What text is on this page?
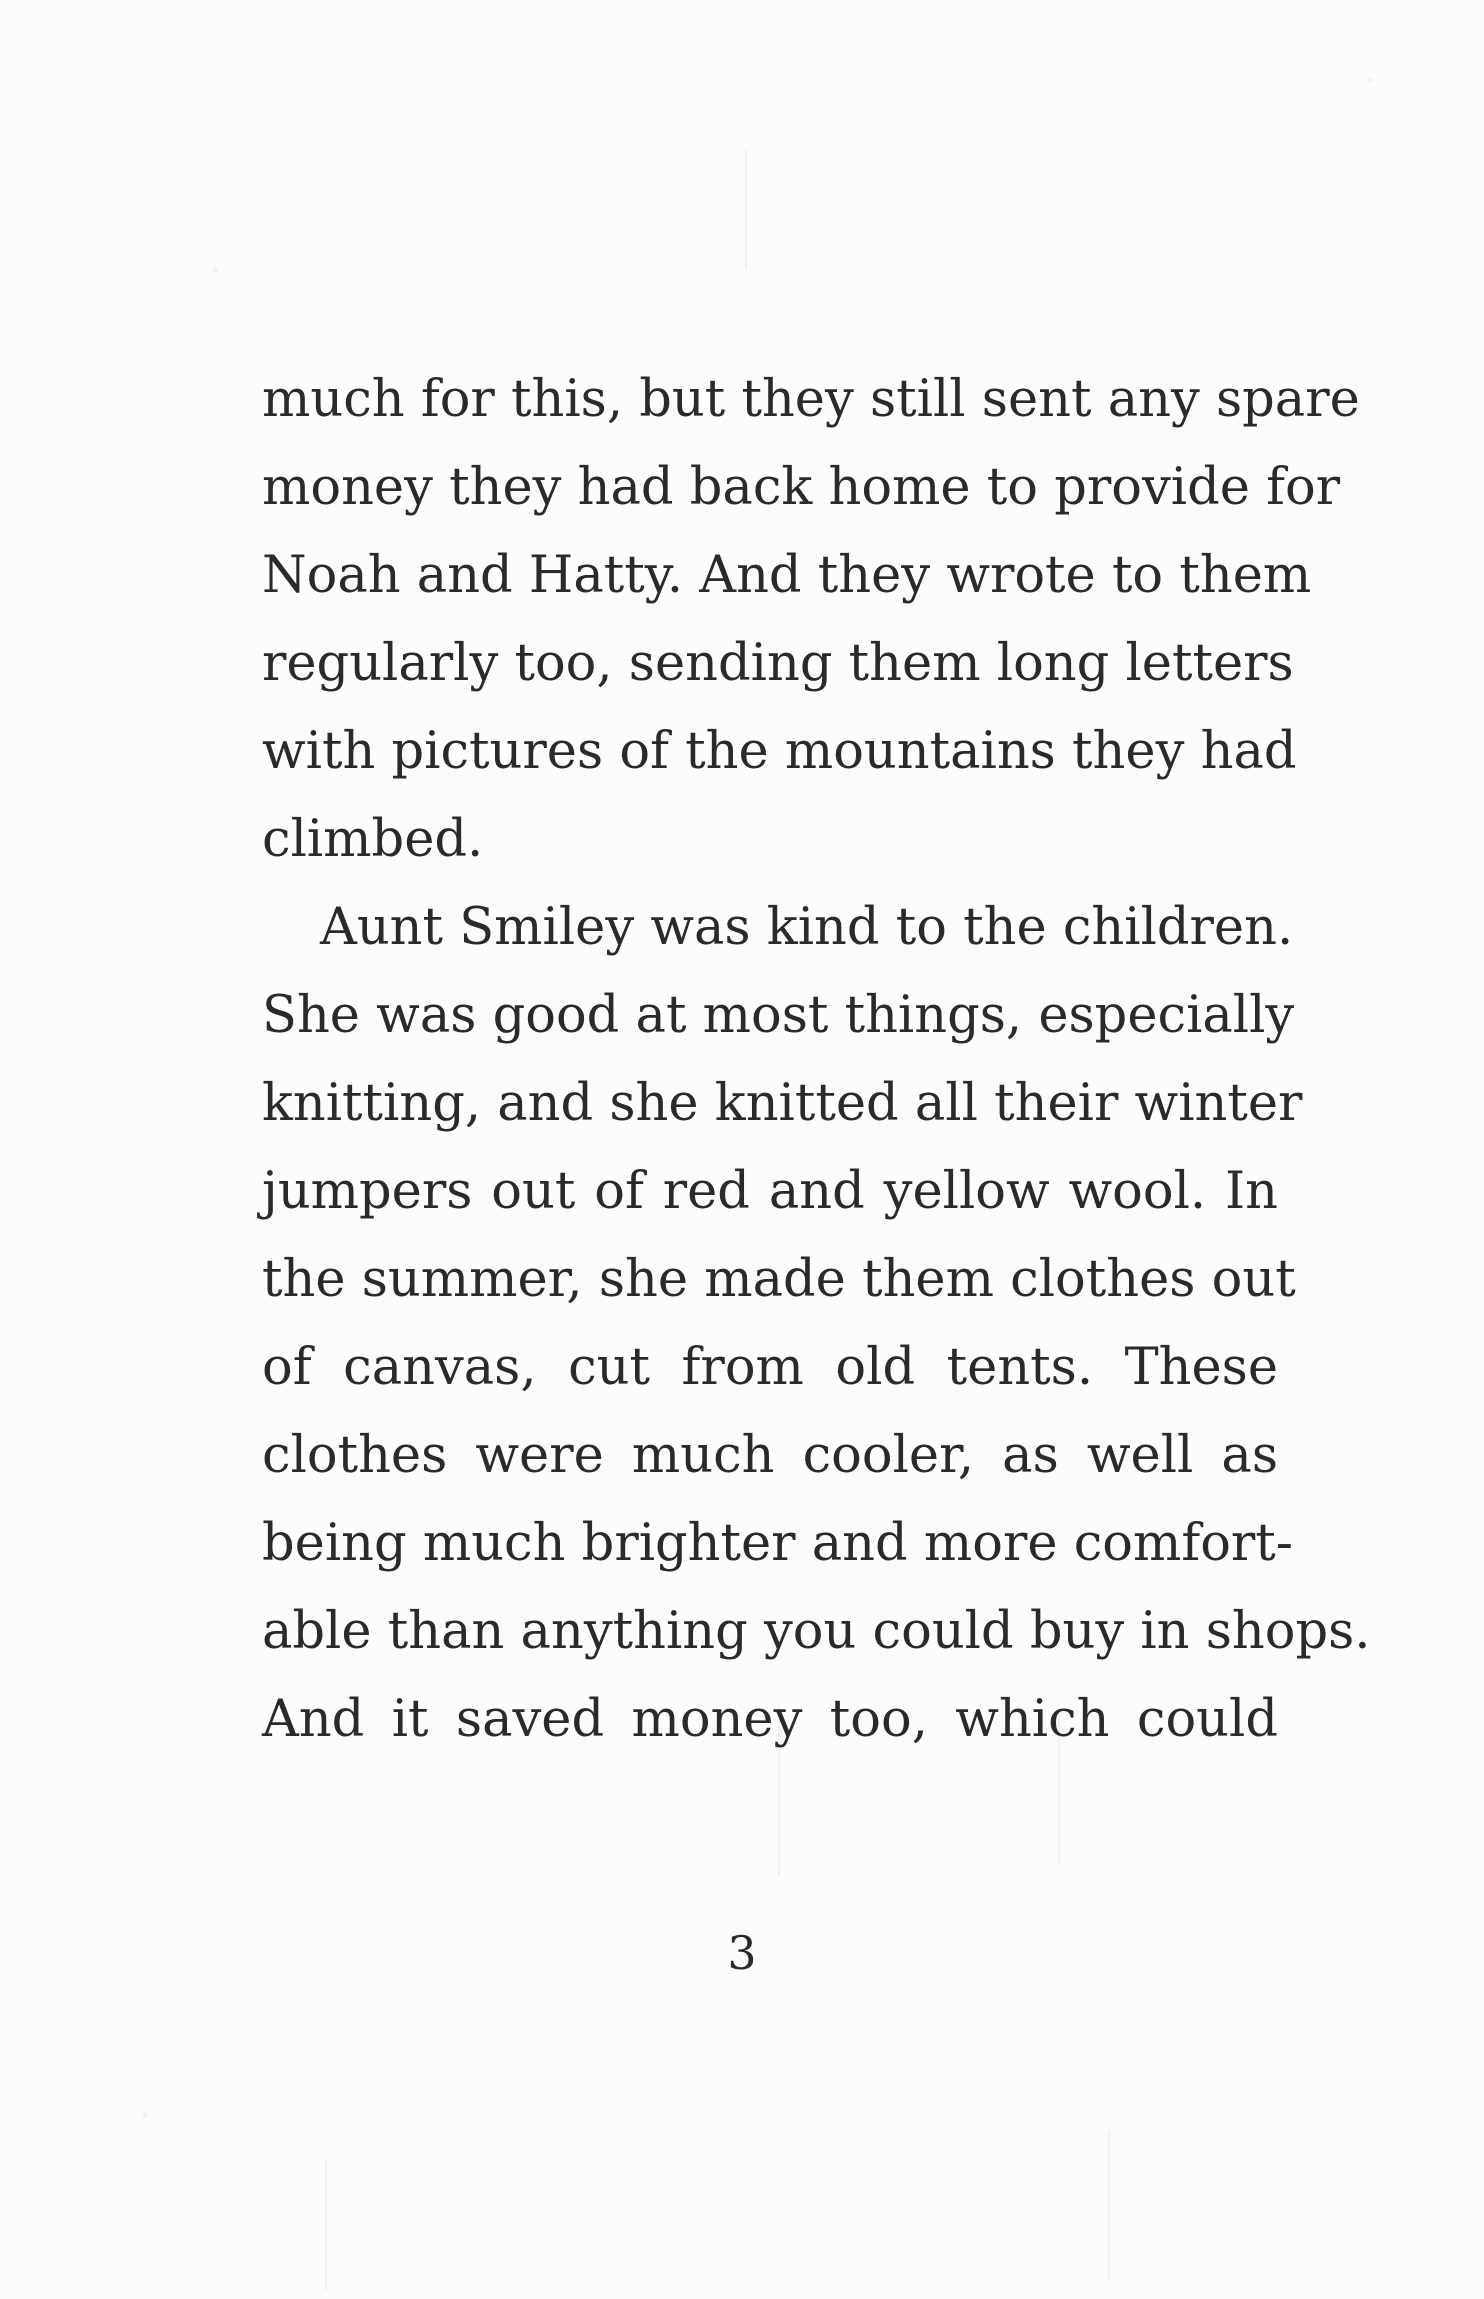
much for this, but they still sent any spare
money they had back home to provide for
Noah and Hatty. And they wrote to them
regularly too, sending them long letters
with pictures of the mountains they had
climbed.
Aunt Smiley was kind to the children.
She was good at most things, especially
knitting, and she knitted all their winter
jumpers out of red and yellow wool. In
the summer, she made them clothes out
of canvas, cut from old tents. These
clothes were much cooler, as well as
being much brighter and more comfort-
able than anything you could buy in shops.
And it saved money too, which could
3
